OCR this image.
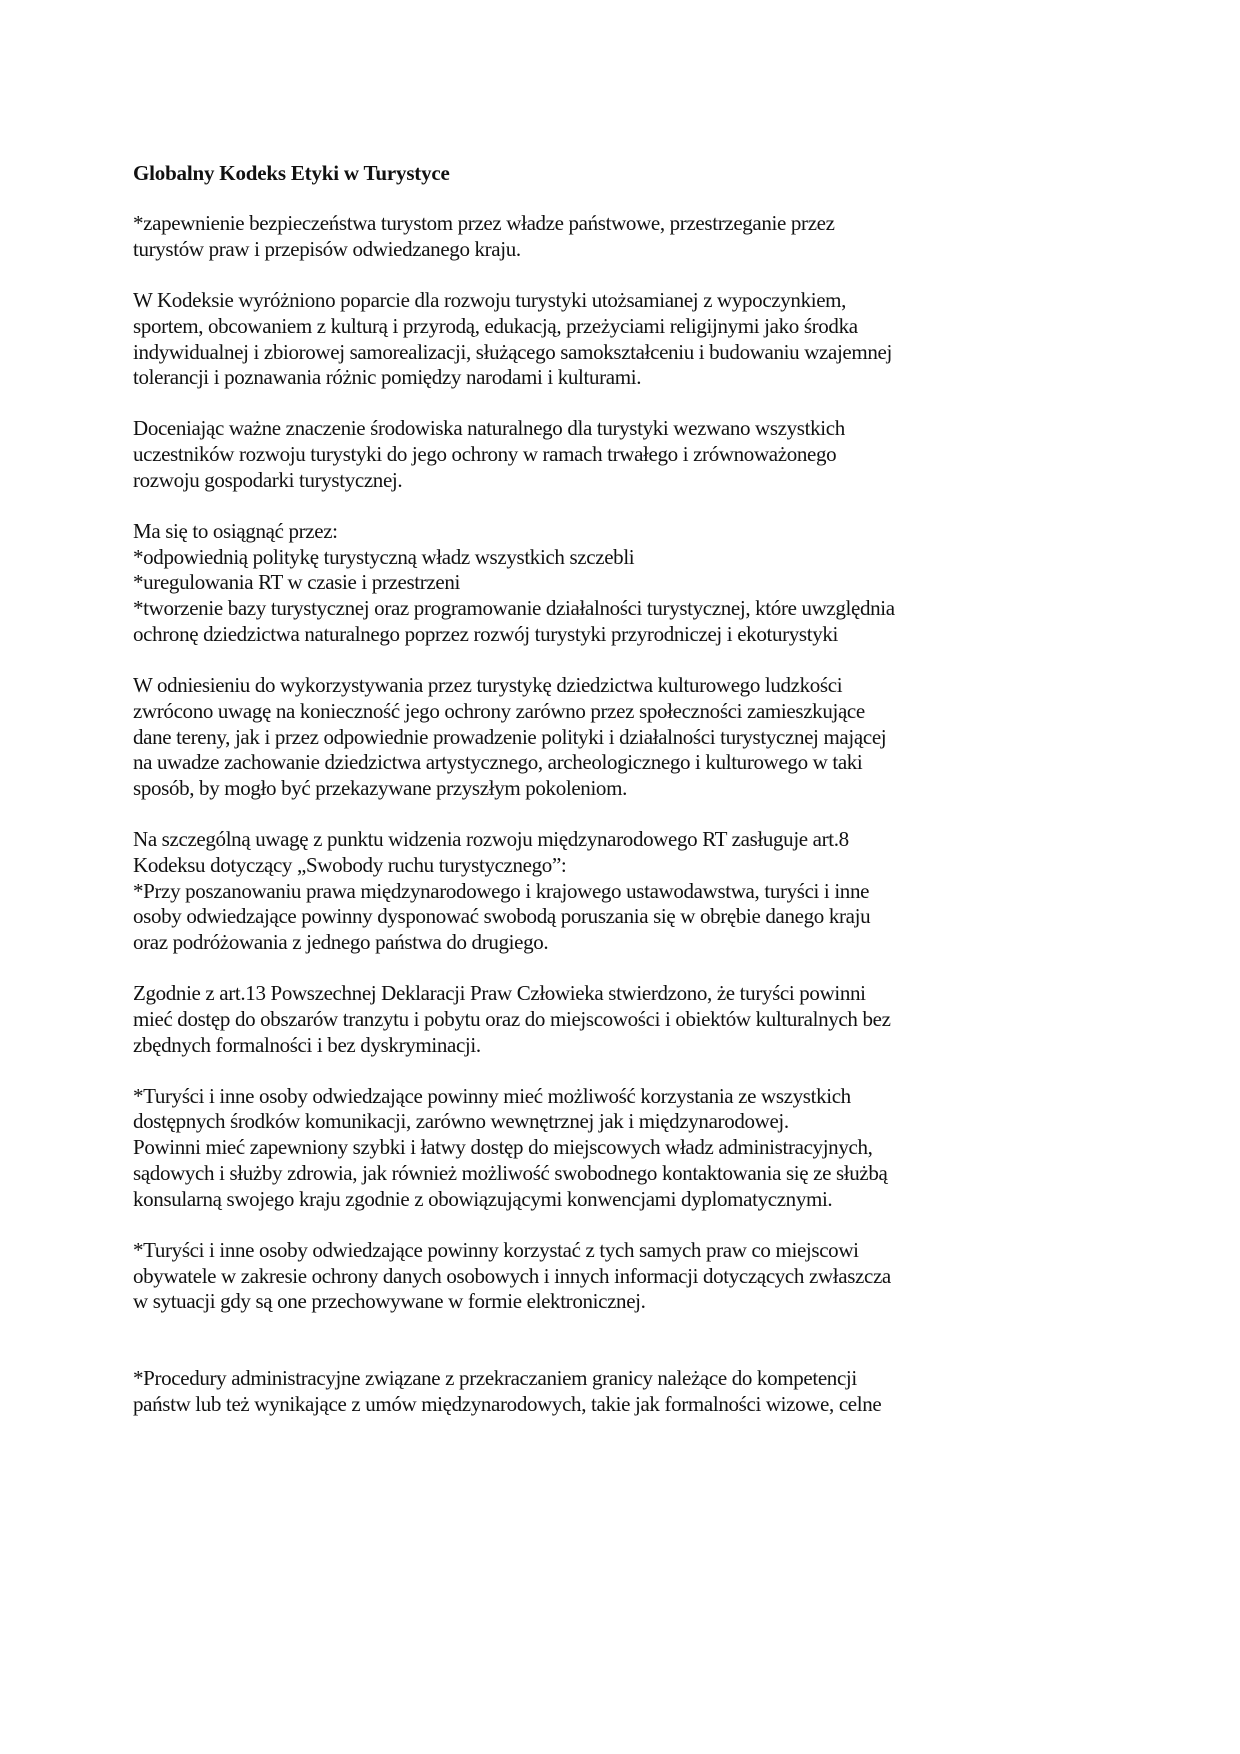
Globalny Kodeks Etyki w Turystyce
*zapewnienie bezpieczeństwa turystom przez władze państwowe, przestrzeganie przez
turystów praw i przepisów odwiedzanego kraju.
W Kodeksie wyróżniono poparcie dla rozwoju turystyki utożsamianej z wypoczynkiem,
sportem, obcowaniem z kulturą i przyrodą, edukacją, przeżyciami religijnymi jako środka
indywidualnej i zbiorowej samorealizacji, służącego samokształceniu i budowaniu wzajemnej
tolerancji i poznawania różnic pomiędzy narodami i kulturami.
Doceniając ważne znaczenie środowiska naturalnego dla turystyki wezwano wszystkich
uczestników rozwoju turystyki do jego ochrony w ramach trwałego i zrównoważonego
rozwoju gospodarki turystycznej.
Ma się to osiągnąć przez:
*odpowiednią politykę turystyczną władz wszystkich szczebli
*uregulowania RT w czasie i przestrzeni
*tworzenie bazy turystycznej oraz programowanie działalności turystycznej, które uwzględnia
ochronę dziedzictwa naturalnego poprzez rozwój turystyki przyrodniczej i ekoturystyki
W odniesieniu do wykorzystywania przez turystykę dziedzictwa kulturowego ludzkości
zwrócono uwagę na konieczność jego ochrony zarówno przez społeczności zamieszkujące
dane tereny, jak i przez odpowiednie prowadzenie polityki i działalności turystycznej mającej
na uwadze zachowanie dziedzictwa artystycznego, archeologicznego i kulturowego w taki
sposób, by mogło być przekazywane przyszłym pokoleniom.
Na szczególną uwagę z punktu widzenia rozwoju międzynarodowego RT zasługuje art.8
Kodeksu dotyczący „Swobody ruchu turystycznego”:
*Przy poszanowaniu prawa międzynarodowego i krajowego ustawodawstwa, turyści i inne
osoby odwiedzające powinny dysponować swobodą poruszania się w obrębie danego kraju
oraz podróżowania z jednego państwa do drugiego.
Zgodnie z art.13 Powszechnej Deklaracji Praw Człowieka stwierdzono, że turyści powinni
mieć dostęp do obszarów tranzytu i pobytu oraz do miejscowości i obiektów kulturalnych bez
zbędnych formalności i bez dyskryminacji.
*Turyści i inne osoby odwiedzające powinny mieć możliwość korzystania ze wszystkich
dostępnych środków komunikacji, zarówno wewnętrznej jak i międzynarodowej.
Powinni mieć zapewniony szybki i łatwy dostęp do miejscowych władz administracyjnych,
sądowych i służby zdrowia, jak również możliwość swobodnego kontaktowania się ze służbą
konsularną swojego kraju zgodnie z obowiązującymi konwencjami dyplomatycznymi.
*Turyści i inne osoby odwiedzające powinny korzystać z tych samych praw co miejscowi
obywatele w zakresie ochrony danych osobowych i innych informacji dotyczących zwłaszcza
w sytuacji gdy są one przechowywane w formie elektronicznej.
*Procedury administracyjne związane z przekraczaniem granicy należące do kompetencji
państw lub też wynikające z umów międzynarodowych, takie jak formalności wizowe, celne
